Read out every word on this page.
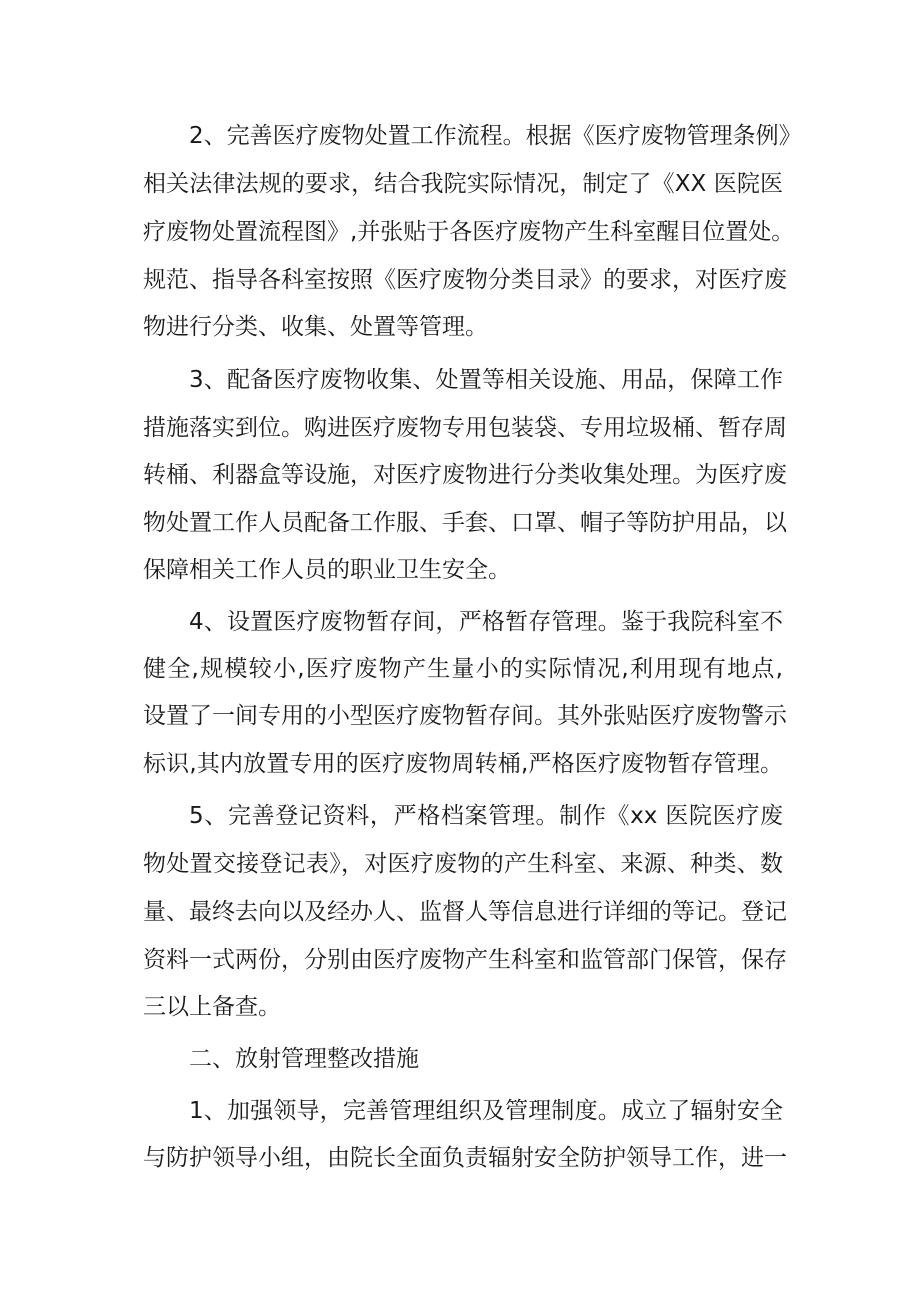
2、完善医疗废物处置工作流程。根据《医疗废物管理条例》
相关法律法规的要求，结合我院实际情况，制定了《XX 医院医
疗废物处置流程图》,并张贴于各医疗废物产生科室醒目位置处。
规范、指导各科室按照《医疗废物分类目录》的要求，对医疗废
物进行分类、收集、处置等管理。
3、配备医疗废物收集、处置等相关设施、用品，保障工作
措施落实到位。购进医疗废物专用包装袋、专用垃圾桶、暂存周
转桶、利器盒等设施，对医疗废物进行分类收集处理。为医疗废
物处置工作人员配备工作服、手套、口罩、帽子等防护用品，以
保障相关工作人员的职业卫生安全。
4、设置医疗废物暂存间，严格暂存管理。鉴于我院科室不
健全,规模较小,医疗废物产生量小的实际情况,利用现有地点,
设置了一间专用的小型医疗废物暂存间。其外张贴医疗废物警示
标识,其内放置专用的医疗废物周转桶,严格医疗废物暂存管理。
5、完善登记资料，严格档案管理。制作《xx 医院医疗废
物处置交接登记表》，对医疗废物的产生科室、来源、种类、数
量、最终去向以及经办人、监督人等信息进行详细的等记。登记
资料一式两份，分别由医疗废物产生科室和监管部门保管，保存
三以上备查。
二、放射管理整改措施
1、加强领导，完善管理组织及管理制度。成立了辐射安全
与防护领导小组，由院长全面负责辐射安全防护领导工作，进一
